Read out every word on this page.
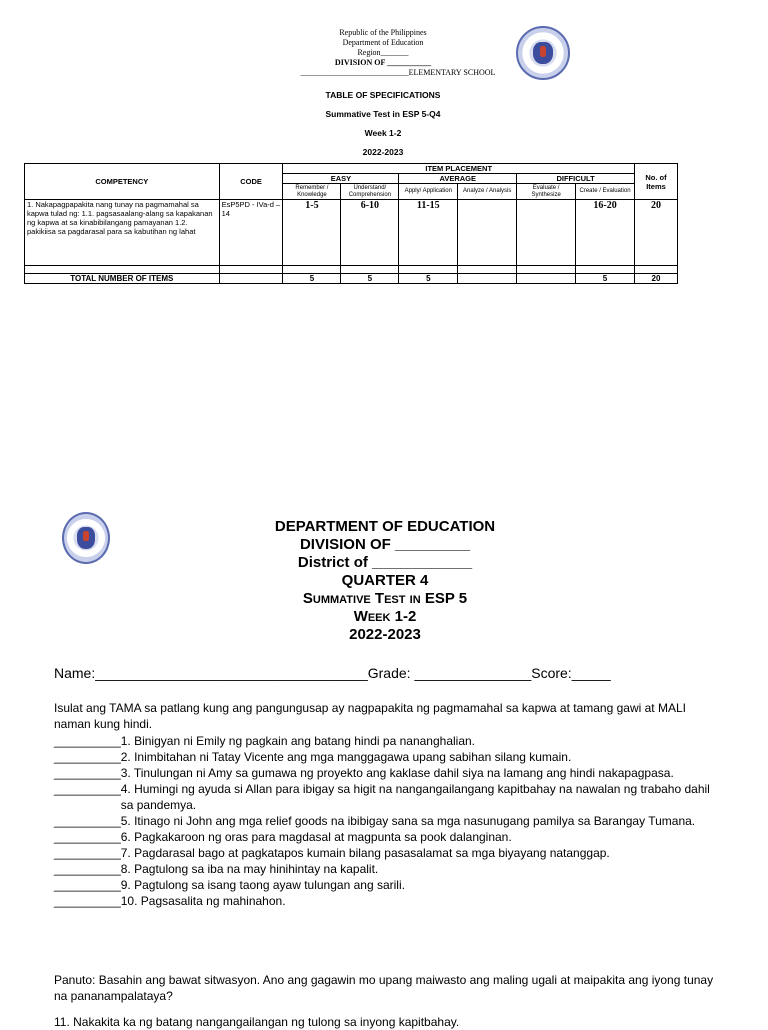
Republic of the Philippines
Department of Education
Region_______
DIVISION OF ___________
___________________________ELEMENTARY SCHOOL
TABLE OF SPECIFICATIONS
Summative Test in ESP 5-Q4
Week 1-2
2022-2023
COMPETENCY	CODE	ITEM PLACEMENT						No. of Items
		EASY		AVERAGE		DIFFICULT		
		Remember / Knowledge	Understand/ Comprehension	Apply/ Application	Analyze / Analysis	Evaluate / Synthesize	Create / Evaluation	
1. Nakapagpapakita nang tunay na pagmamahal sa kapwa tulad ng: 1.1. pagsasaalang-alang sa kapakanan ng kapwa at sa kinabibilangang pamayanan 1.2. pakikiisa sa pagdarasal para sa kabutihan ng lahat	EsP5PD - IVa-d – 14	1-5	6-10	11-15			16-20	20

TOTAL NUMBER OF ITEMS		5	5	5			5	20
DEPARTMENT OF EDUCATION
DIVISION OF _________
District of ____________
QUARTER 4
Summative Test in ESP 5
Week 1-2
2022-2023
Name:___________________________________Grade: _______________Score:_____
Isulat ang TAMA sa patlang kung ang pangungusap ay nagpapakita ng pagmamahal sa kapwa at tamang gawi at MALI naman kung hindi.
__________ 1. Binigyan ni Emily ng pagkain ang batang hindi pa nananghalian.
__________ 2. Inimbitahan ni Tatay Vicente ang mga manggagawa upang sabihan silang kumain.
__________ 3. Tinulungan ni Amy sa gumawa ng proyekto ang kaklase dahil siya na lamang ang hindi nakapagpasa.
__________ 4. Humingi ng ayuda si Allan para ibigay sa higit na nangangailangang kapitbahay na nawalan ng trabaho dahil sa pandemya.
__________ 5. Itinago ni John ang mga relief goods na ibibigay sana sa mga nasunugang pamilya sa Barangay Tumana.
__________ 6. Pagkakaroon ng oras para magdasal at magpunta sa pook dalanginan.
__________ 7. Pagdarasal bago at pagkatapos kumain bilang pasasalamat sa mga biyayang natanggap.
__________ 8. Pagtulong sa iba na may hinihintay na kapalit.
__________ 9. Pagtulong sa isang taong ayaw tulungan ang sarili.
__________ 10. Pagsasalita ng mahinahon.
Panuto: Basahin ang bawat sitwasyon. Ano ang gagawin mo upang maiwasto ang maling ugali at maipakita ang iyong tunay na pananampalataya?
11. Nakakita ka ng batang nangangailangan ng tulong sa inyong kapitbahay.
